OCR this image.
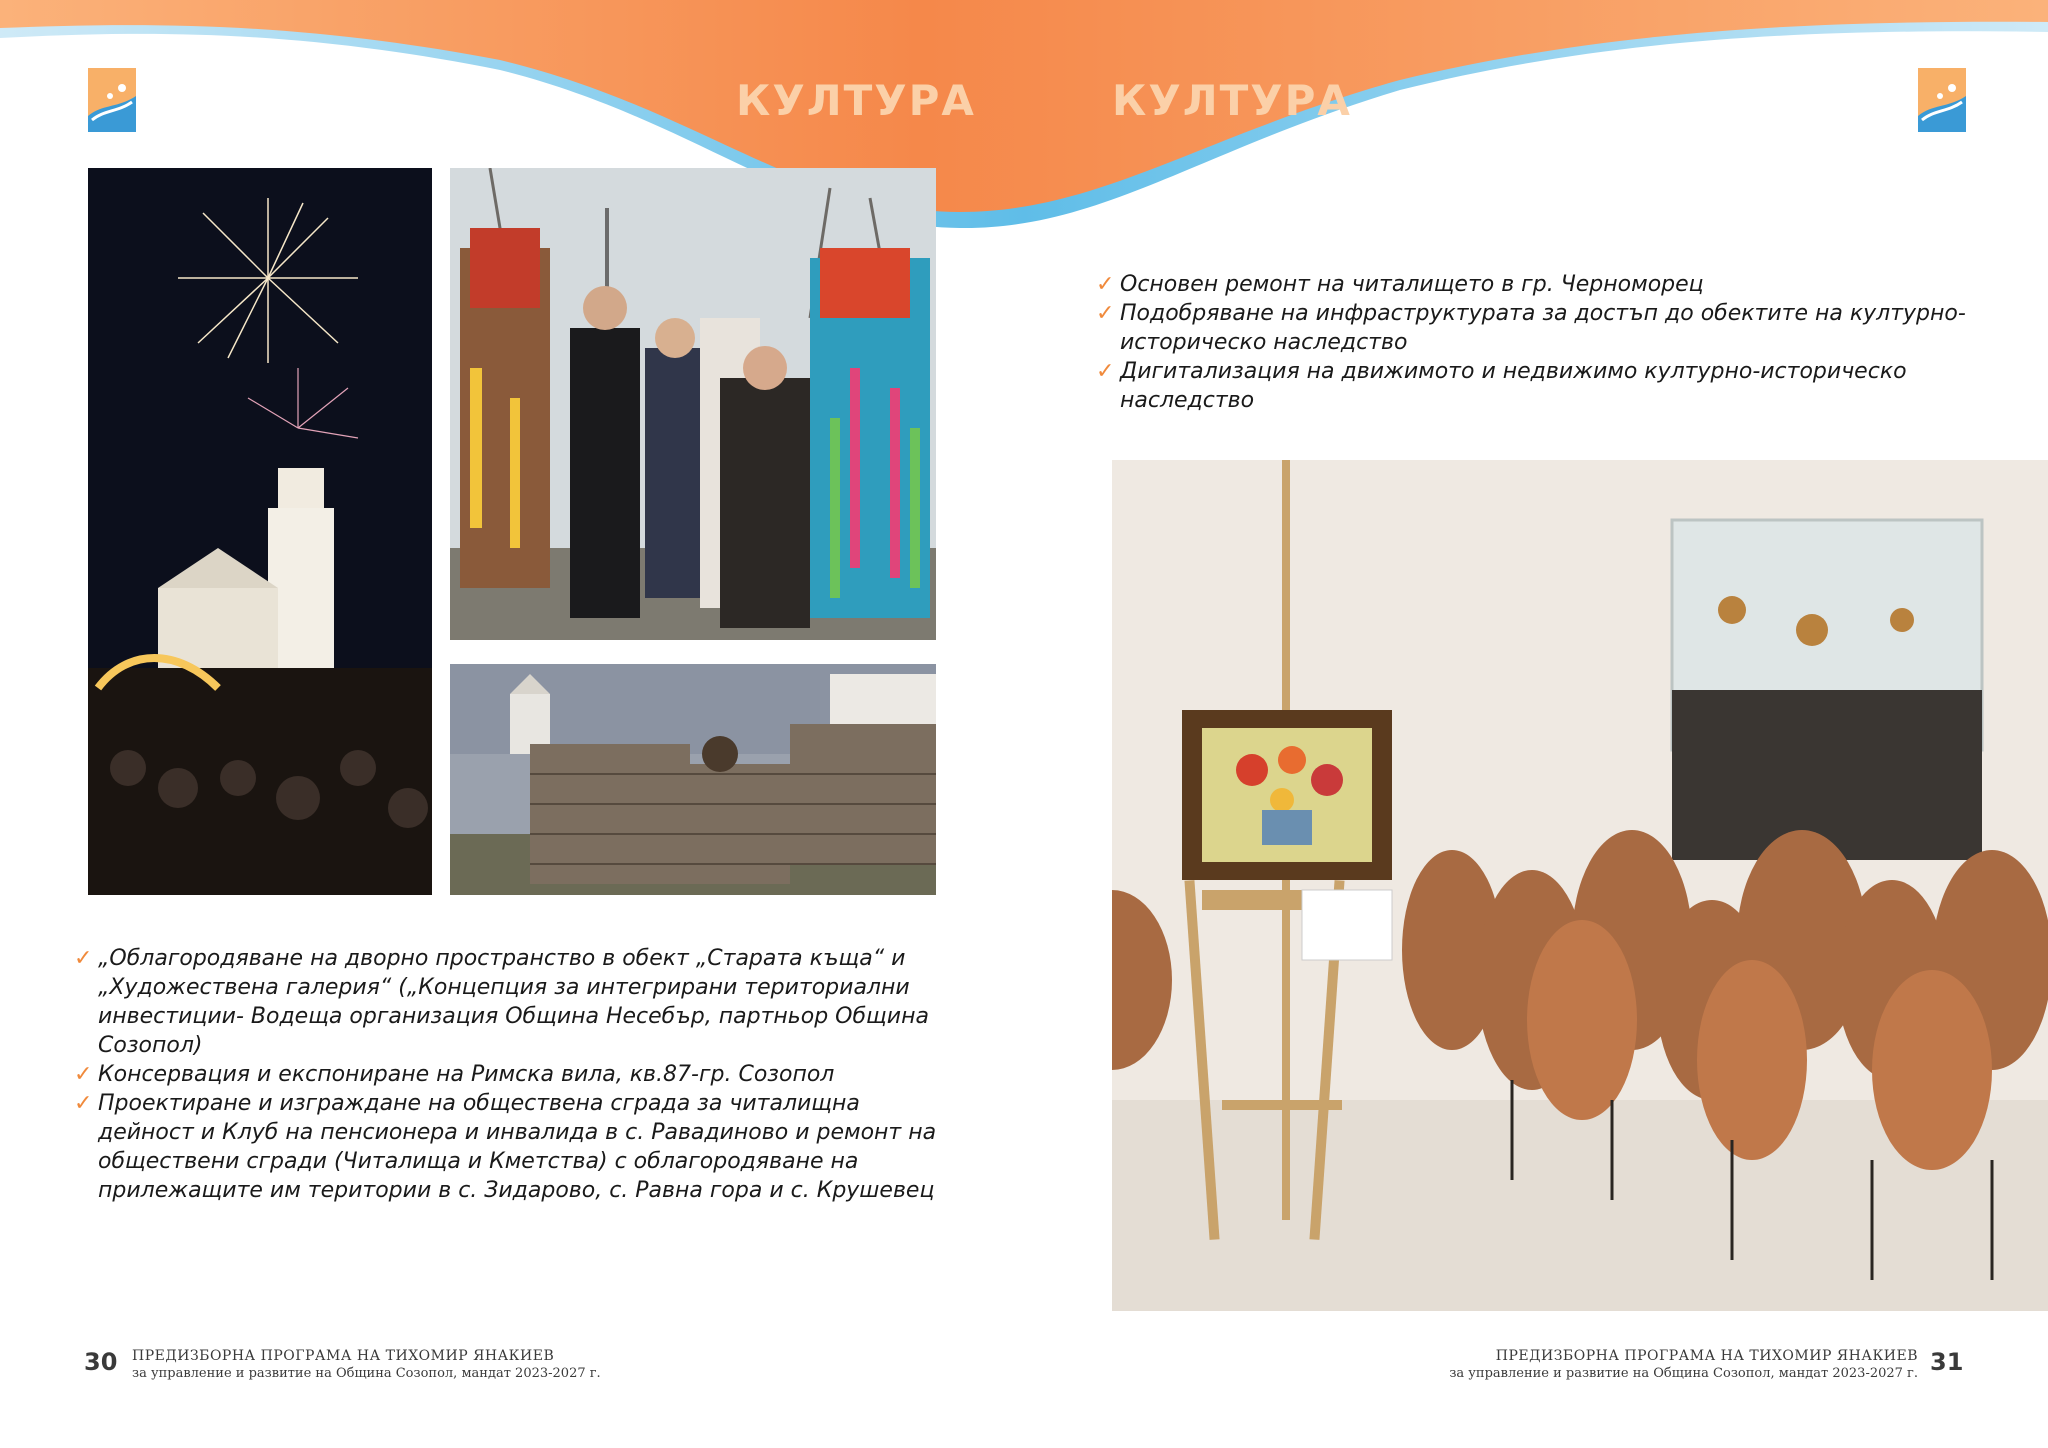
КУЛТУРА	КУЛТУРА
✓ Основен ремонт на читалището в гр. Черноморец
✓ Подобряване на инфраструктурата за достъп до обектите на културно-историческо наследство
✓ Дигитализация на движимото и недвижимо културно-историческо наследство
✓ „Облагородяване на дворно пространство в обект „Старата къща“ и „Художествена галерия“ („Концепция за интегрирани териториални инвестиции- Водеща организация Община Несебър, партньор Община Созопол)
✓ Консервация и експониране на Римска вила, кв.87-гр. Созопол
✓ Проектиране и изграждане на обществена сграда за читалищна дейност и Клуб на пенсионера и инвалида в с. Равадиново и ремонт на обществени сгради (Читалища и Кметства) с облагородяване на прилежащите им територии в с. Зидарово, с. Равна гора и с. Крушевец
30 ПРЕДИЗБОРНА ПРОГРАМА НА ТИХОМИР ЯНАКИЕВ
за управление и развитие на Община Созопол, мандат 2023-2027 г.
ПРЕДИЗБОРНА ПРОГРАМА НА ТИХОМИР ЯНАКИЕВ
за управление и развитие на Община Созопол, мандат 2023-2027 г. 31
